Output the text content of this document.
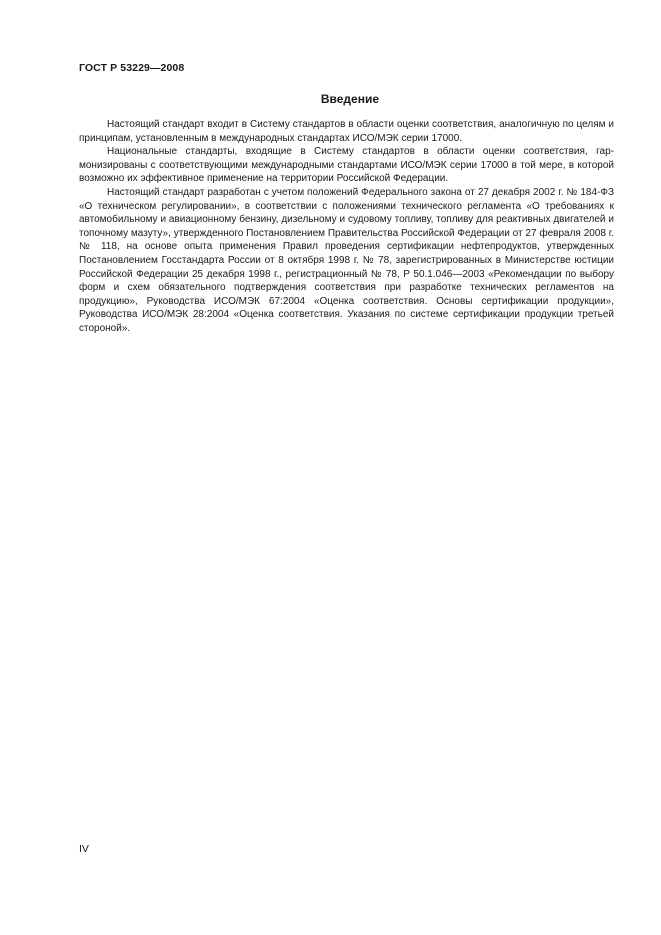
ГОСТ Р 53229—2008
Введение

Настоящий стандарт входит в Систему стандартов в области оценки соответствия, аналогичную по целям и принципам, установленным в международных стандартах ИСО/МЭК серии 17000.

Национальные стандарты, входящие в Систему стандартов в области оценки соответствия, гармонизированы с соответствующими международными стандартами ИСО/МЭК серии 17000 в той мере, в которой возможно их эффективное применение на территории Российской Федерации.

Настоящий стандарт разработан с учетом положений Федерального закона от 27 декабря 2002 г. № 184-ФЗ «О техническом регулировании», в соответствии с положениями технического регламента «О требованиях к автомобильному и авиационному бензину, дизельному и судовому топливу, топливу для реактивных двигателей и топочному мазуту», утвержденного Постановлением Правительства Российской Федерации от 27 февраля 2008 г. № 118, на основе опыта применения Правил проведения сертификации нефтепродуктов, утвержденных Постановлением Госстандарта России от 8 октября 1998 г. № 78, зарегистрированных в Министерстве юстиции Российской Федерации 25 декабря 1998 г., регистрационный № 78, Р 50.1.046—2003 «Рекомендации по выбору форм и схем обязательного подтверждения соответствия при разработке технических регламентов на продукцию», Руководства ИСО/МЭК 67:2004 «Оценка соответствия. Основы сертификации продукции», Руководства ИСО/МЭК 28:2004 «Оценка соответствия. Указания по системе сертификации продукции третьей стороной».

IV
